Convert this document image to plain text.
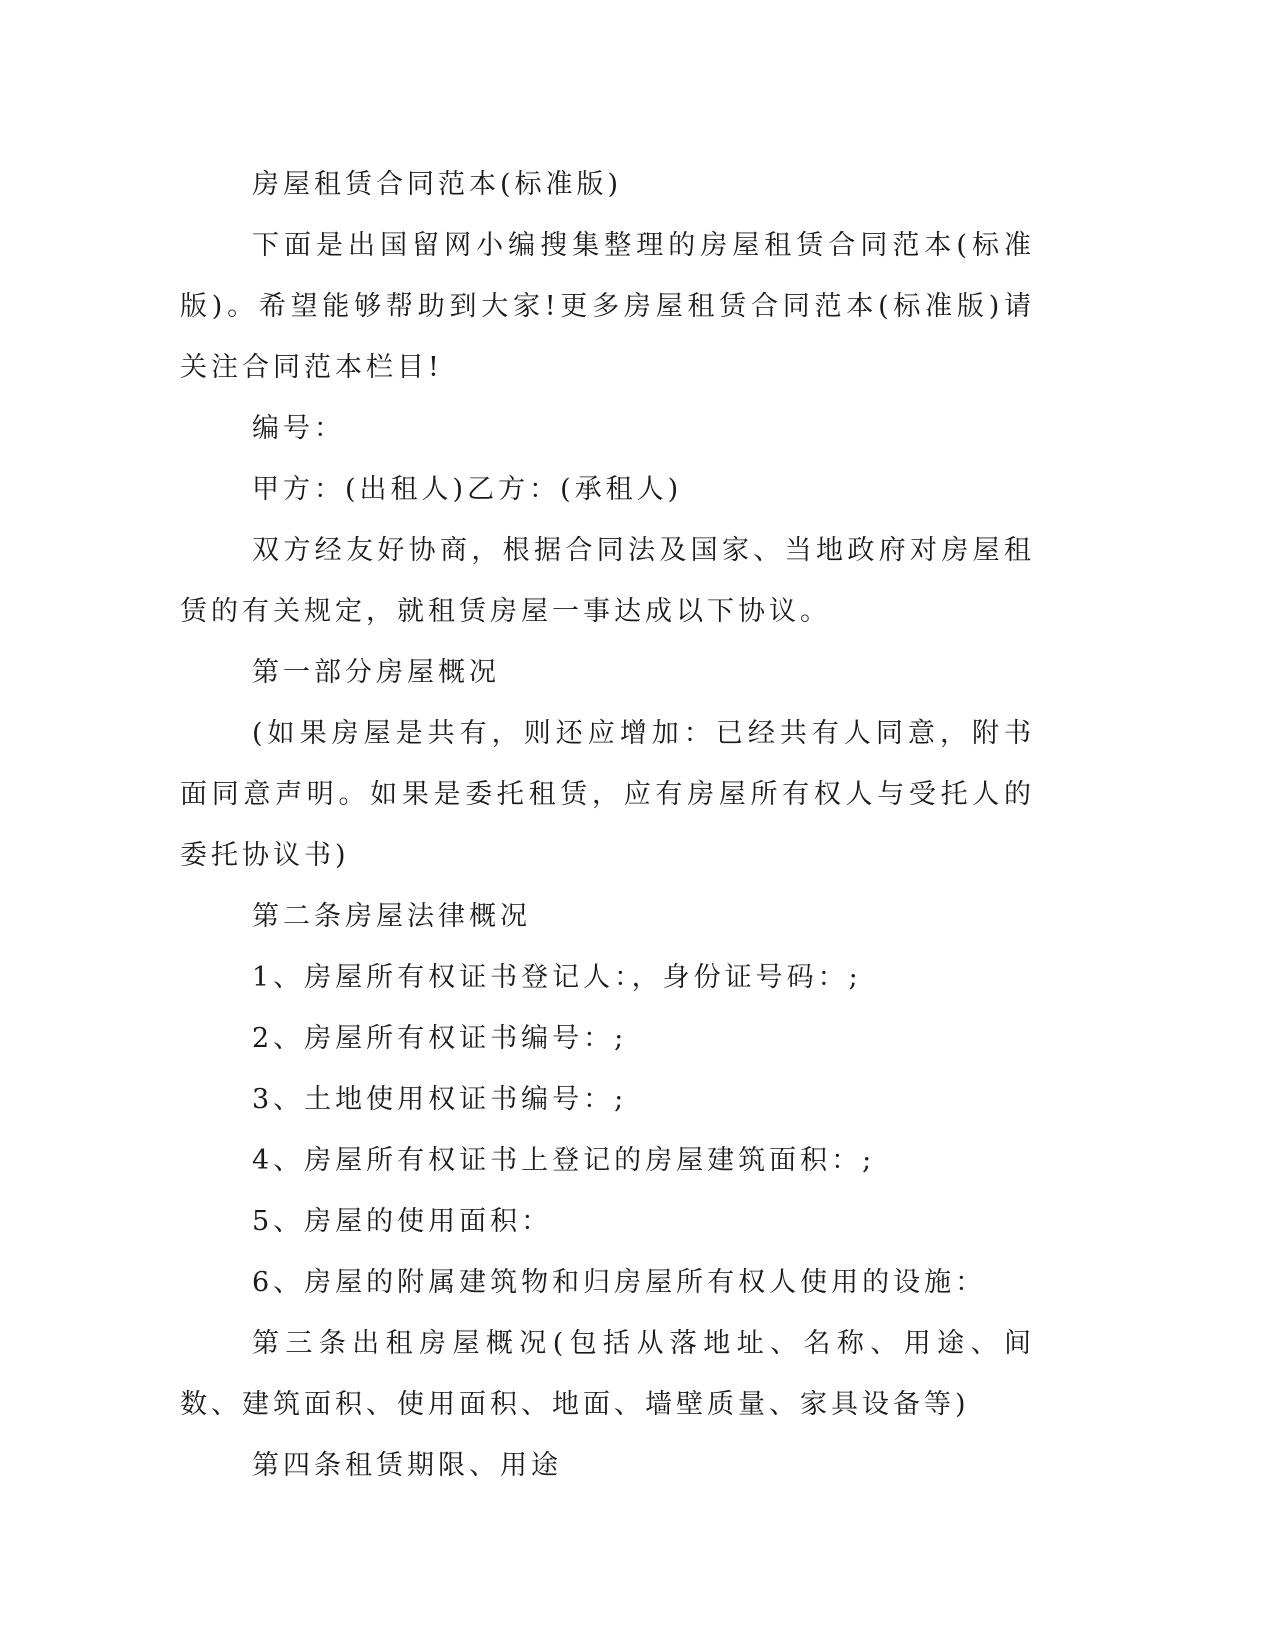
房屋租赁合同范本(标准版)

下面是出国留网小编搜集整理的房屋租赁合同范本(标准版)。希望能够帮助到大家!更多房屋租赁合同范本(标准版)请关注合同范本栏目!

编号：

甲方：(出租人)乙方：(承租人)

双方经友好协商，根据合同法及国家、当地政府对房屋租赁的有关规定，就租赁房屋一事达成以下协议。

第一部分房屋概况

(如果房屋是共有，则还应增加：已经共有人同意，附书面同意声明。如果是委托租赁，应有房屋所有权人与受托人的委托协议书)

第二条房屋法律概况

1、房屋所有权证书登记人：，身份证号码：;

2、房屋所有权证书编号：;

3、土地使用权证书编号：;

4、房屋所有权证书上登记的房屋建筑面积：;

5、房屋的使用面积：

6、房屋的附属建筑物和归房屋所有权人使用的设施：

第三条出租房屋概况(包括从落地址、名称、用途、间数、建筑面积、使用面积、地面、墙壁质量、家具设备等)

第四条租赁期限、用途
